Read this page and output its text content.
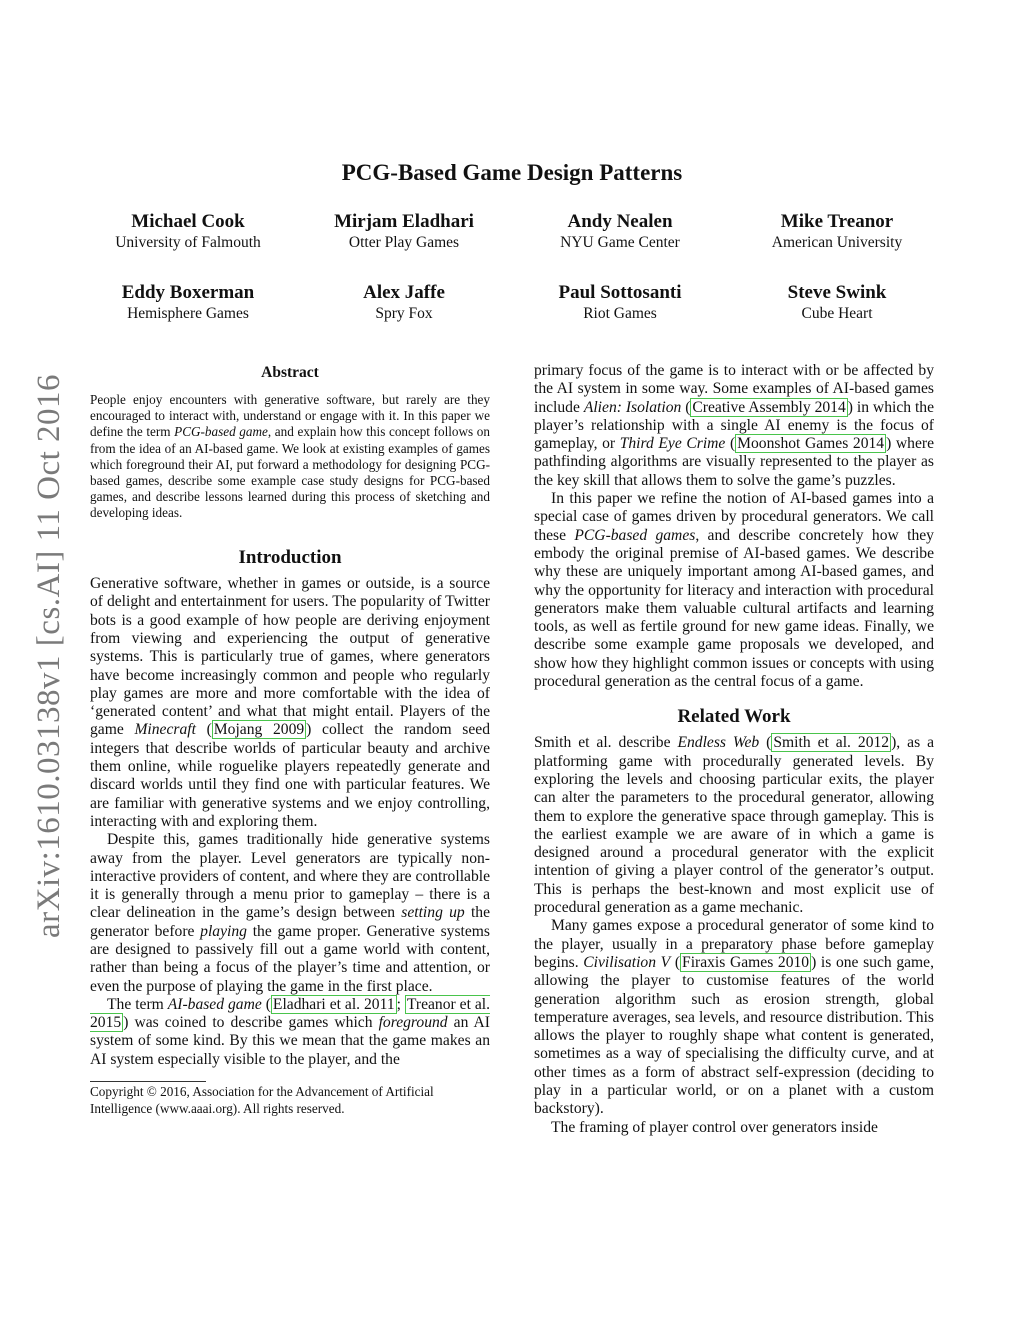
arXiv:1610.03138v1 [cs.AI] 11 Oct 2016
PCG-Based Game Design Patterns
Michael Cook
University of Falmouth
Mirjam Eladhari
Otter Play Games
Andy Nealen
NYU Game Center
Mike Treanor
American University
Eddy Boxerman
Hemisphere Games
Alex Jaffe
Spry Fox
Paul Sottosanti
Riot Games
Steve Swink
Cube Heart
Abstract

People enjoy encounters with generative software, but rarely are they encouraged to interact with, understand or engage with it. In this paper we define the term PCG-based game, and explain how this concept follows on from the idea of an AI-based game. We look at existing examples of games which foreground their AI, put forward a methodology for designing PCG-based games, describe some example case study designs for PCG-based games, and describe lessons learned during this process of sketching and developing ideas.

Introduction

Generative software, whether in games or outside, is a source of delight and entertainment for users. The popularity of Twitter bots is a good example of how people are deriving enjoyment from viewing and experiencing the output of generative systems. This is particularly true of games, where generators have become increasingly common and people who regularly play games are more and more comfortable with the idea of ‘generated content’ and what that might entail. Players of the game Minecraft ( Mojang 2009 ) collect the random seed integers that describe worlds of particular beauty and archive them online, while roguelike players repeatedly generate and discard worlds until they find one with particular features. We are familiar with generative systems and we enjoy controlling, interacting with and exploring them.

Despite this, games traditionally hide generative systems away from the player. Level generators are typically non-interactive providers of content, and where they are controllable it is generally through a menu prior to gameplay – there is a clear delineation in the game’s design between setting up the generator before playing the game proper. Generative systems are designed to passively fill out a game world with content, rather than being a focus of the player’s time and attention, or even the purpose of playing the game in the first place.

The term AI-based game ( Eladhari et al. 2011 ; Treanor et al. 2015 ) was coined to describe games which foreground an AI system of some kind. By this we mean that the game makes an AI system especially visible to the player, and the

Copyright © 2016, Association for the Advancement of Artificial Intelligence (www.aaai.org). All rights reserved.

primary focus of the game is to interact with or be affected by the AI system in some way. Some examples of AI-based games include Alien: Isolation ( Creative Assembly 2014 ) in which the player’s relationship with a single AI enemy is the focus of gameplay, or Third Eye Crime ( Moonshot Games 2014 ) where pathfinding algorithms are visually represented to the player as the key skill that allows them to solve the game’s puzzles.

In this paper we refine the notion of AI-based games into a special case of games driven by procedural generators. We call these PCG-based games, and describe concretely how they embody the original premise of AI-based games. We describe why these are uniquely important among AI-based games, and why the opportunity for literacy and interaction with procedural generators make them valuable cultural artifacts and learning tools, as well as fertile ground for new game ideas. Finally, we describe some example game proposals we developed, and show how they highlight common issues or concepts with using procedural generation as the central focus of a game.

Related Work

Smith et al. describe Endless Web ( Smith et al. 2012 ), as a platforming game with procedurally generated levels. By exploring the levels and choosing particular exits, the player can alter the parameters to the procedural generator, allowing them to explore the generative space through gameplay. This is the earliest example we are aware of in which a game is designed around a procedural generator with the explicit intention of giving a player control of the generator’s output. This is perhaps the best-known and most explicit use of procedural generation as a game mechanic.

Many games expose a procedural generator of some kind to the player, usually in a preparatory phase before gameplay begins. Civilisation V ( Firaxis Games 2010 ) is one such game, allowing the player to customise features of the world generation algorithm such as erosion strength, global temperature averages, sea levels, and resource distribution. This allows the player to roughly shape what content is generated, sometimes as a way of specialising the difficulty curve, and at other times as a form of abstract self-expression (deciding to play in a particular world, or on a planet with a custom backstory).

The framing of player control over generators inside
